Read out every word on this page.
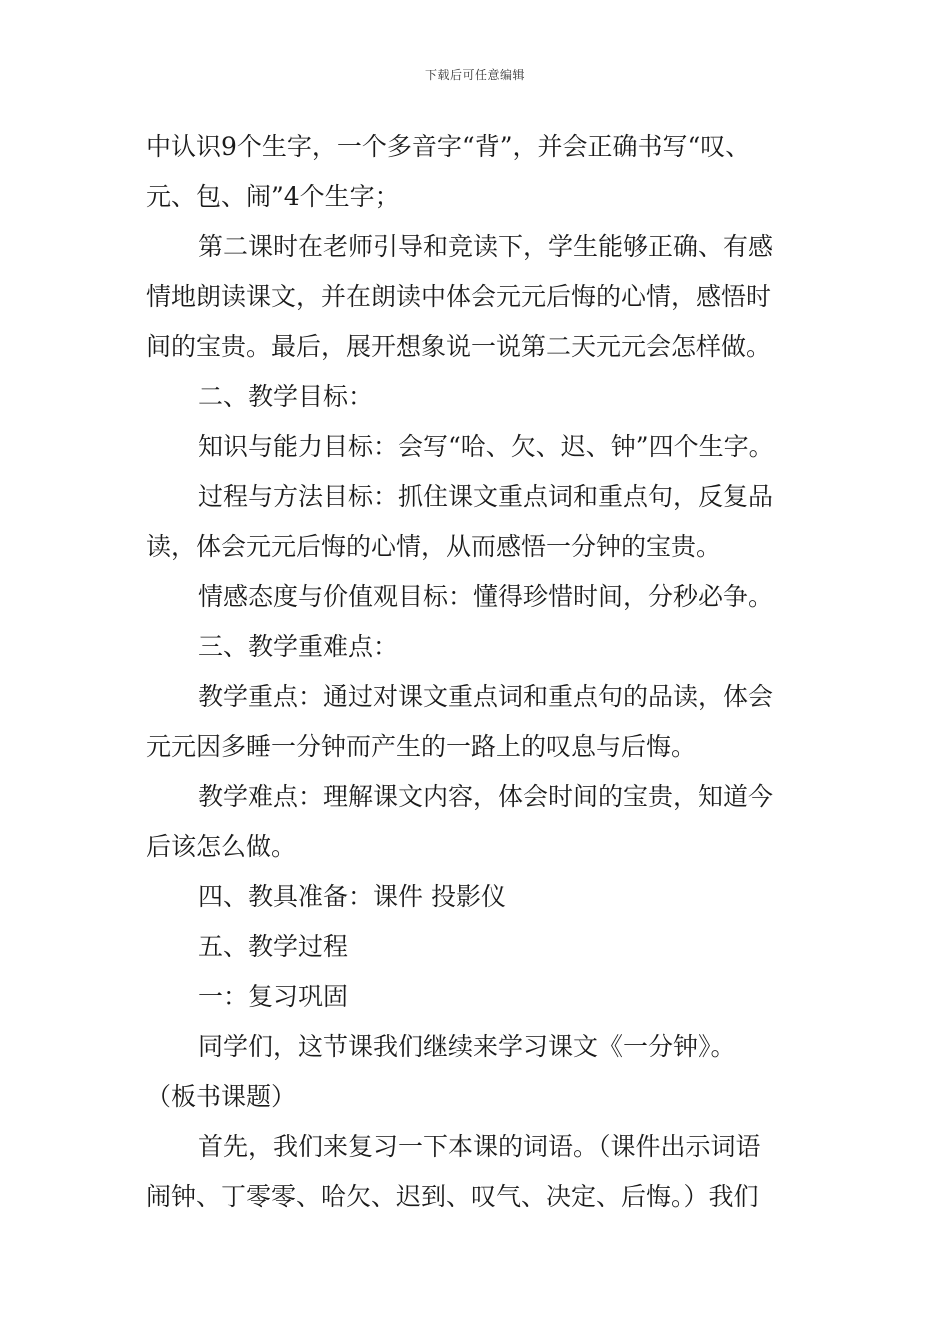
下载后可任意编辑
中认识9个生字，一个多音字“背”，并会正确书写“叹、
元、包、闹”4个生字；
第二课时在老师引导和竞读下，学生能够正确、有感
情地朗读课文，并在朗读中体会元元后悔的心情，感悟时
间的宝贵。最后，展开想象说一说第二天元元会怎样做。
二、教学目标：
知识与能力目标：会写“哈、欠、迟、钟”四个生字。
过程与方法目标：抓住课文重点词和重点句，反复品
读，体会元元后悔的心情，从而感悟一分钟的宝贵。
情感态度与价值观目标：懂得珍惜时间，分秒必争。
三、教学重难点：
教学重点：通过对课文重点词和重点句的品读，体会
元元因多睡一分钟而产生的一路上的叹息与后悔。
教学难点：理解课文内容，体会时间的宝贵，知道今
后该怎么做。
四、教具准备：课件 投影仪
五、教学过程
一：复习巩固
同学们，这节课我们继续来学习课文《一分钟》。
（板书课题）
首先，我们来复习一下本课的词语。（课件出示词语
闹钟、丁零零、哈欠、迟到、叹气、决定、后悔。）我们
